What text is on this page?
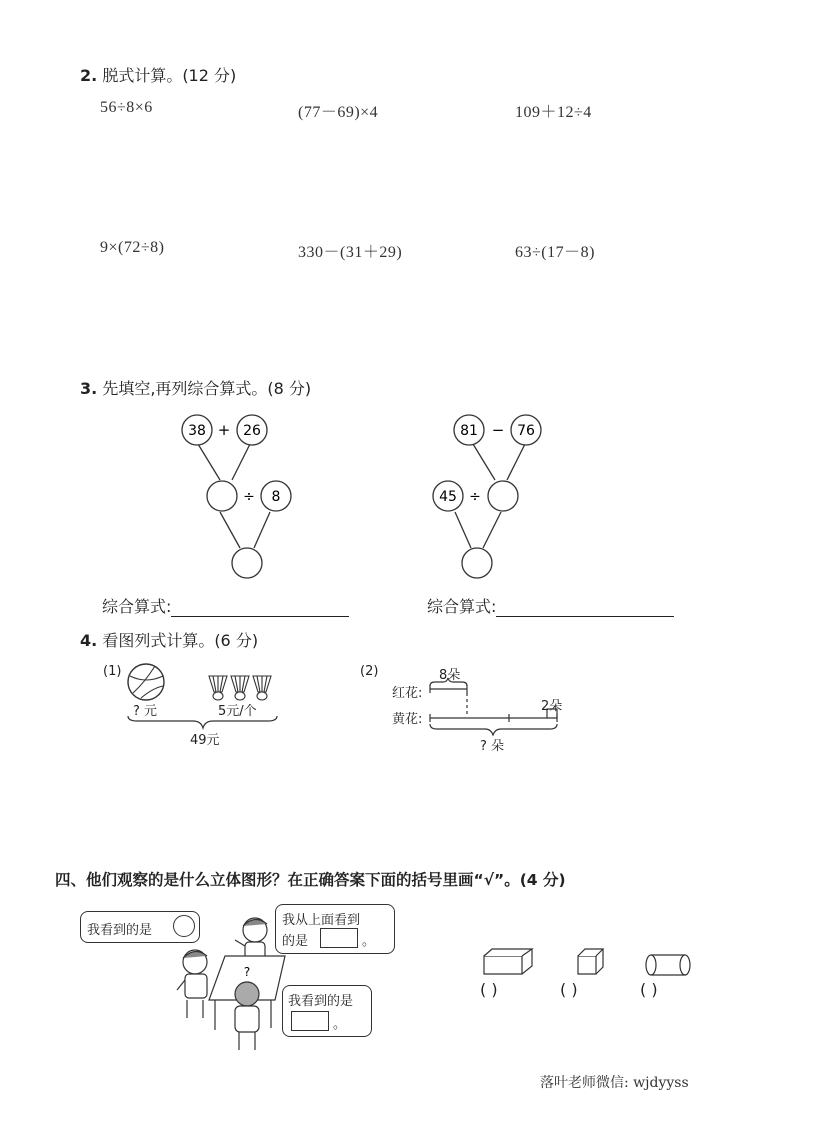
2. 脱式计算。(12 分)
56÷8×6	(77－69)×4	109＋12÷4
9×(72÷8)	330－(31＋29)	63÷(17－8)
3. 先填空,再列综合算式。(8 分)
38 + 26
÷ 8
81 − 76
45 ÷
综合算式:	综合算式:
4. 看图列式计算。(6 分)
(1)
? 元	5元/个
49元
(2)	8朵
红花:
黄花:
2朵
? 朵
四、他们观察的是什么立体图形？在正确答案下面的括号里画“√”。(4 分)
我看到的是
我从上面看到
的是	。
我看到的是
。
?
( )	( )	( )
落叶老师微信: wjdyyss
